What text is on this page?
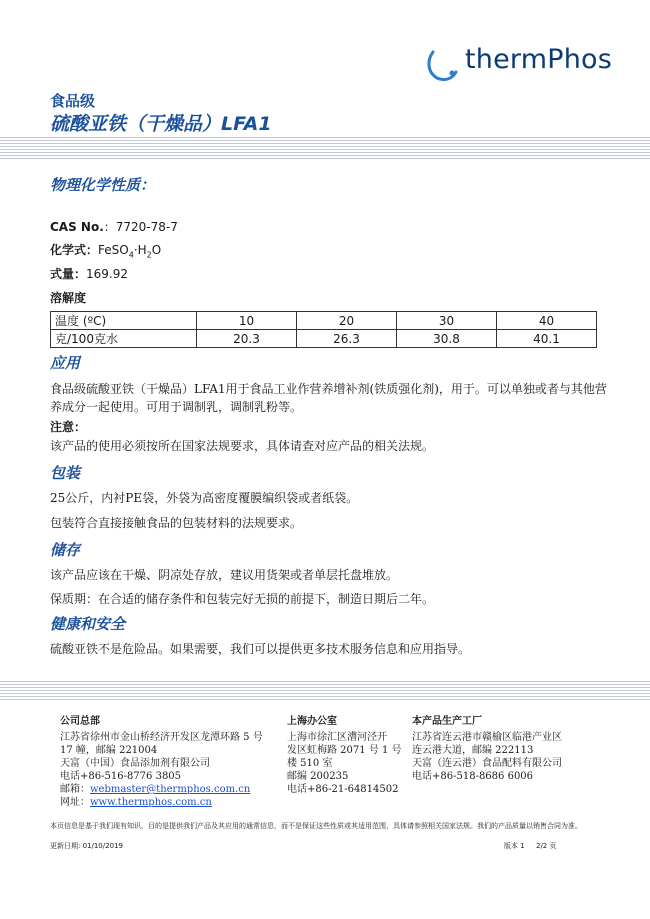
thermPhos
食品级
硫酸亚铁（干燥品）LFA1
物理化学性质：
CAS No.：7720-78-7
化学式：$FeSO_4\cdot H_2O$
式量：169.92
溶解度
温度 (ºC)	10	20	30	40
克/100克水	20.3	26.3	30.8	40.1
应用
食品级硫酸亚铁（干燥品）LFA1用于食品工业作营养增补剂(铁质强化剂)，用于。可以单独或者与其他营养成分一起使用。可用于调制乳，调制乳粉等。
注意：
该产品的使用必须按所在国家法规要求，具体请查对应产品的相关法规。
包装
25公斤，内衬PE袋，外袋为高密度覆膜编织袋或者纸袋。
包装符合直接接触食品的包装材料的法规要求。
储存
该产品应该在干燥、阴凉处存放，建议用货架或者单层托盘堆放。
保质期：在合适的储存条件和包装完好无损的前提下，制造日期后二年。
健康和安全
硫酸亚铁不是危险品。如果需要，我们可以提供更多技术服务信息和应用指导。
公司总部
江苏省徐州市金山桥经济开发区龙潭环路 5 号
17 幢，邮编 221004
天富（中国）食品添加剂有限公司
电话+86-516-8776 3805
邮箱：webmaster@thermphos.com.cn
网址：www.thermphos.com.cn
上海办公室
上海市徐汇区漕河泾开
发区虹梅路 2071 号 1 号
楼 510 室
邮编 200235
电话+86-21-64814502
本产品生产工厂
江苏省连云港市赣榆区临港产业区
连云港大道，邮编 222113
天富（连云港）食品配料有限公司
电话+86-518-8686 6006
本页信息是基于我们现有知识，目的是提供我们产品及其应用的通常信息，而不是保证这些性质或其适用范围，具体请参照相关国家法规。我们的产品质量以销售合同为准。
更新日期: 01/10/2019	版本 1 2/2 页
